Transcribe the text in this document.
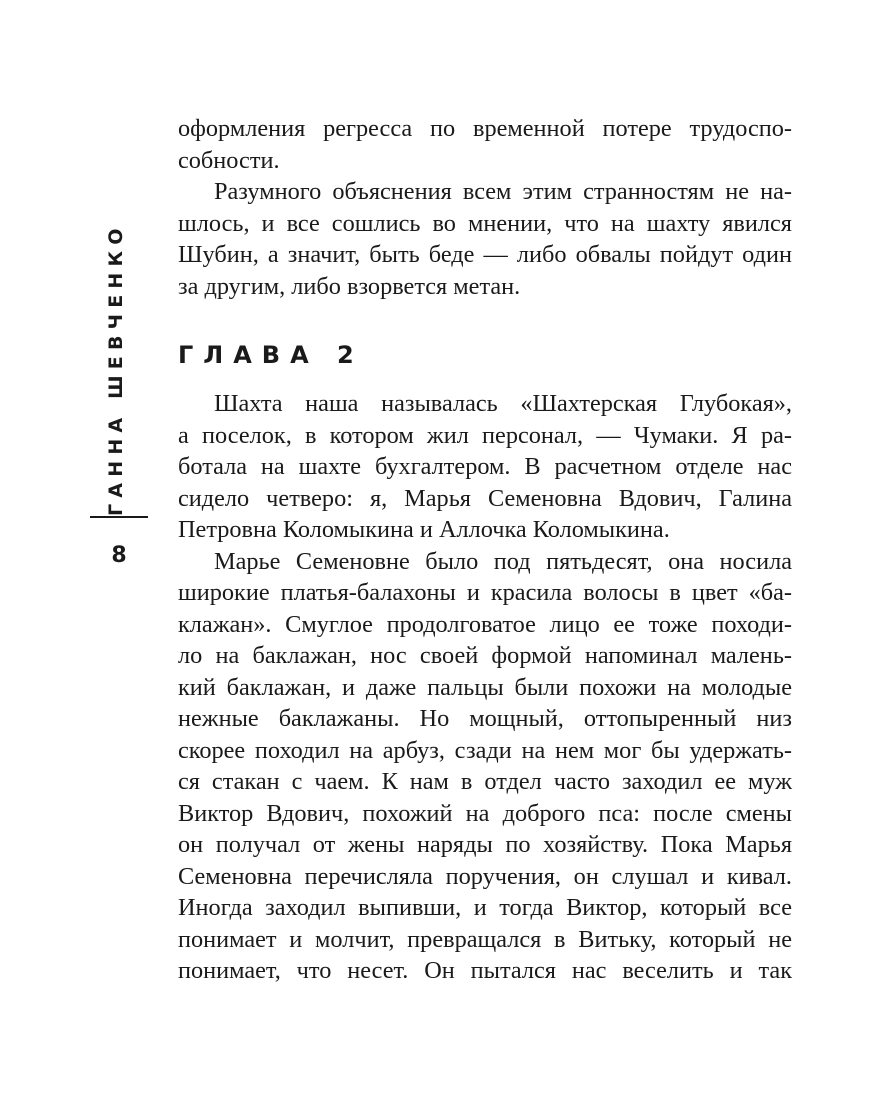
ГАННА ШЕВЧЕНКО
8
оформления регресса по временной потере трудоспо-
собности.
Разумного объяснения всем этим странностям не на-
шлось, и все сошлись во мнении, что на шахту явился
Шубин, а значит, быть беде — либо обвалы пойдут один
за другим, либо взорвется метан.
ГЛАВА 2
Шахта наша называлась «Шахтерская Глубокая»,
а поселок, в котором жил персонал, — Чумаки. Я ра-
ботала на шахте бухгалтером. В расчетном отделе нас
сидело четверо: я, Марья Семеновна Вдович, Галина
Петровна Коломыкина и Аллочка Коломыкина.
Марье Семеновне было под пятьдесят, она носила
широкие платья-балахоны и красила волосы в цвет «ба-
клажан». Смуглое продолговатое лицо ее тоже походи-
ло на баклажан, нос своей формой напоминал малень-
кий баклажан, и даже пальцы были похожи на молодые
нежные баклажаны. Но мощный, оттопыренный низ
скорее походил на арбуз, сзади на нем мог бы удержать-
ся стакан с чаем. К нам в отдел часто заходил ее муж
Виктор Вдович, похожий на доброго пса: после смены
он получал от жены наряды по хозяйству. Пока Марья
Семеновна перечисляла поручения, он слушал и кивал.
Иногда заходил выпивши, и тогда Виктор, который все
понимает и молчит, превращался в Витьку, который не
понимает, что несет. Он пытался нас веселить и так
